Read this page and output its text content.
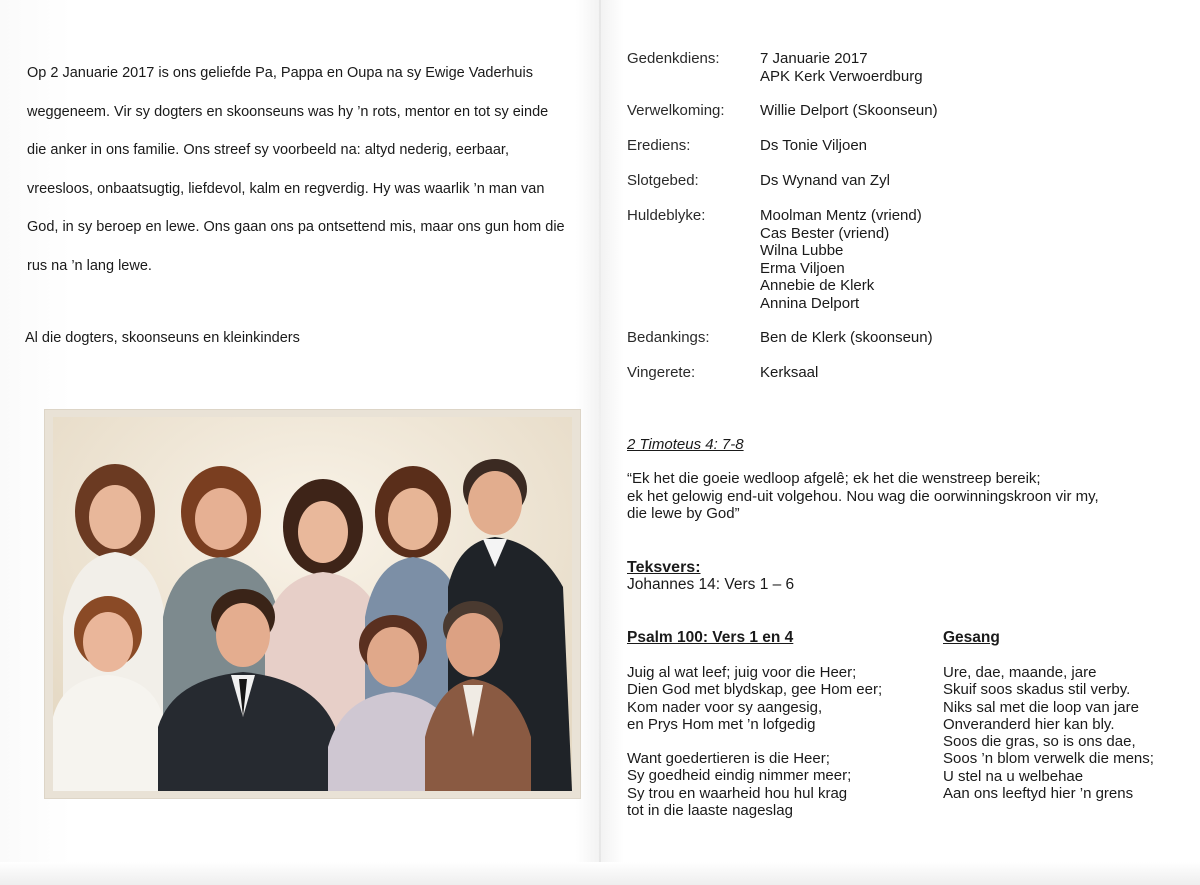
Op 2 Januarie 2017 is ons geliefde Pa, Pappa en Oupa na sy Ewige Vaderhuis

weggeneem. Vir sy dogters en skoonseuns was hy ’n rots, mentor en tot sy einde

die anker in ons familie. Ons streef sy voorbeeld na: altyd nederig, eerbaar,

vreesloos, onbaatsugtig, liefdevol, kalm en regverdig. Hy was waarlik ’n man van

God, in sy beroep en lewe. Ons gaan ons pa ontsettend mis, maar ons gun hom die

rus na ’n lang lewe.

Al die dogters, skoonseuns en kleinkinders
Gedenkdiens:	7 Januarie 2017
APK Kerk Verwoerdburg
Verwelkoming: Willie Delport (Skoonseun)
Erediens:	Ds Tonie Viljoen
Slotgebed:	Ds Wynand van Zyl
Huldeblyke:	Moolman Mentz (vriend)
Cas Bester (vriend)
Wilna Lubbe
Erma Viljoen
Annebie de Klerk
Annina Delport
Bedankings:	Ben de Klerk (skoonseun)
Vingerete:	Kerksaal
2 Timoteus 4: 7-8
“Ek het die goeie wedloop afgelê; ek het die wenstreep bereik;
ek het gelowig end-uit volgehou. Nou wag die oorwinningskroon vir my,
die lewe by God”
Teksvers:
Johannes 14: Vers 1 – 6
Psalm 100: Vers 1 en 4
Juig al wat leef; juig voor die Heer;
Dien God met blydskap, gee Hom eer;
Kom nader voor sy aangesig,
en Prys Hom met ’n lofgedig
Want goedertieren is die Heer;
Sy goedheid eindig nimmer meer;
Sy trou en waarheid hou hul krag
tot in die laaste nageslag
Gesang
Ure, dae, maande, jare
Skuif soos skadus stil verby.
Niks sal met die loop van jare
Onveranderd hier kan bly.
Soos die gras, so is ons dae,
Soos ’n blom verwelk die mens;
U stel na u welbehae
Aan ons leeftyd hier ’n grens
